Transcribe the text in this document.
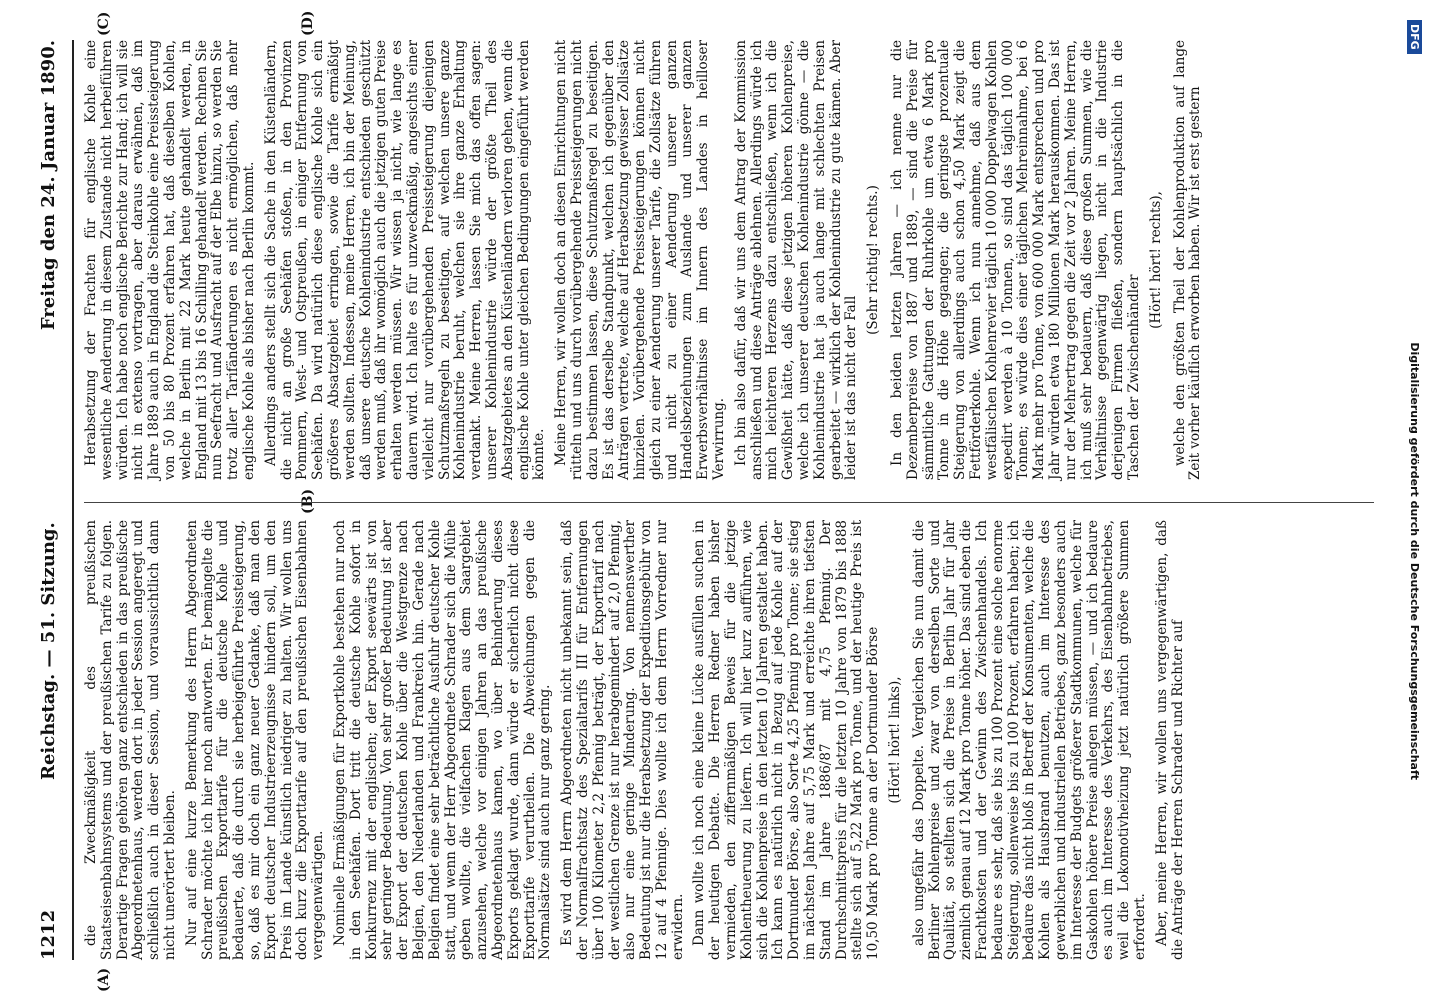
1212
Reichstag. — 51. Sitzung.
Freitag den 24. Januar 1890.
(A)
(B)
(C)	(D)

die Zweckmäßigkeit des preußischen Staatseisenbahnsystems und der preußischen Tarife zu folgen. Derartige Fragen gehören ganz entschieden in das preußische Abgeordnetenhaus, werden dort in jeder Session angeregt und schließlich auch in dieser Session, und voraussichtlich dann nicht unerörtert bleiben. Nur auf eine kurze Bemerkung des Herrn Abgeordneten Schrader möchte ich hier noch antworten. Er bemängelte die preußischen Exporttarife für die deutsche Kohle und bedauerte, daß die durch sie herbeigeführte Preissteigerung, so, daß es mir doch ein ganz neuer Gedanke, daß man den Export deutscher Industrieerzeugnisse hindern soll, um den Preis im Lande künstlich niedriger zu halten. Wir wollen uns doch kurz die Exporttarife auf den preußischen Eisenbahnen vergegenwärtigen. Nominelle Ermäßigungen für Exportkohle bestehen nur noch in den Seehäfen. Dort tritt die deutsche Kohle sofort in Konkurrenz mit der englischen; der Export seewärts ist von sehr geringer Bedeutung. Von sehr großer Bedeutung ist aber der Export der deutschen Kohle über die Westgrenze nach Belgien, den Niederlanden und Frankreich hin. Gerade nach Belgien findet eine sehr beträchtliche Ausfuhr deutscher Kohle statt, und wenn der Herr Abgeordnete Schrader sich die Mühe geben wollte, die vielfachen Klagen aus dem Saargebiet anzusehen, welche vor einigen Jahren an das preußische Abgeordnetenhaus kamen, wo über Behinderung dieses Exports geklagt wurde, dann würde er sicherlich nicht diese Exporttarife verurtheilen. Die Abweichungen gegen die Normalsätze sind auch nur ganz gering. Es wird dem Herrn Abgeordneten nicht unbekannt sein, daß der Normalfrachtsatz des Spezialtarifs III für Entfernungen über 100 Kilometer 2,2 Pfennig beträgt, der Exporttarif nach der westlichen Grenze ist nur herabgemindert auf 2,0 Pfennig, also nur eine geringe Minderung. Von nennenswerther Bedeutung ist nur die Herabsetzung der Expeditionsgebühr von 12 auf 4 Pfennige. Dies wollte ich dem Herrn Vorredner nur erwidern. Dann wollte ich noch eine kleine Lücke ausfüllen suchen in der heutigen Debatte. Die Herren Redner haben bisher vermieden, den ziffernmäßigen Beweis für die jetzige Kohlentheuerung zu liefern. Ich will hier kurz aufführen, wie sich die Kohlenpreise in den letzten 10 Jahren gestaltet haben. Ich kann es natürlich nicht in Bezug auf jede Kohle auf der Dortmunder Börse, also Sorte 4,25 Pfennig pro Tonne; sie stieg im nächsten Jahre auf 5,75 Mark und erreichte ihren tiefsten Stand im Jahre 1886/87 mit 4,75 Pfennig. Der Durchschnittspreis für die letzten 10 Jahre von 1879 bis 1888 stellte sich auf 5,22 Mark pro Tonne, und der heutige Preis ist 10,50 Mark pro Tonne an der Dortmunder Börse (Hört! hört! links), also ungefähr das Doppelte. Vergleichen Sie nun damit die Berliner Kohlenpreise und zwar von derselben Sorte und Qualität, so stellten sich die Preise in Berlin Jahr für Jahr ziemlich genau auf 12 Mark pro Tonne höher. Das sind eben die Frachtkosten und der Gewinn des Zwischenhandels. Ich bedaure es sehr, daß sie bis zu 100 Prozent eine solche enorme Steigerung, sollenweise bis zu 100 Prozent, erfahren haben; ich bedaure das nicht bloß in Betreff der Konsumenten, welche die Kohlen als Hausbrand benutzen, auch im Interesse des gewerblichen und industriellen Betriebes, ganz besonders auch im Interesse der Budgets größerer Stadtkommunen, welche für Gaskohlen höhere Preise anlegen müssen, — und ich bedaure es auch im Interesse des Verkehrs, des Eisenbahnbetriebes, weil die Lokomotivheizung jetzt natürlich größere Summen erfordert. Aber, meine Herren, wir wollen uns vergegenwärtigen, daß die Anträge der Herren Schrader und Richter auf

Herabsetzung der Frachten für englische Kohle eine wesentliche Aenderung in diesem Zustande nicht herbeiführen würden. Ich habe noch englische Berichte zur Hand; ich will sie nicht in extenso vortragen, aber daraus erwähnen, daß im Jahre 1889 auch in England die Steinkohle eine Preissteigerung von 50 bis 80 Prozent erfahren hat, daß dieselben Kohlen, welche in Berlin mit 22 Mark heute gehandelt werden, in England mit 13 bis 16 Schilling gehandelt werden. Rechnen Sie nun Seefracht und Ausfracht auf der Elbe hinzu, so werden Sie trotz aller Tarifänderungen es nicht ermöglichen, daß mehr englische Kohle als bisher nach Berlin kommt. Allerdings anders stellt sich die Sache in den Küstenländern, die nicht an große Seehäfen stoßen, in den Provinzen Pommern, West- und Ostpreußen, in einiger Entfernung von Seehäfen. Da wird natürlich diese englische Kohle sich ein größeres Absatzgebiet erringen, sowie die Tarife ermäßigt werden sollten. Indessen, meine Herren, ich bin der Meinung, daß unsere deutsche Kohlenindustrie entschieden geschützt werden muß, daß ihr womöglich auch die jetzigen guten Preise erhalten werden müssen. Wir wissen ja nicht, wie lange es dauern wird. Ich halte es für unzweckmäßig, angesichts einer vielleicht nur vorübergehenden Preissteigerung diejenigen Schutzmaßregeln zu beseitigen, auf welchen unsere ganze Kohlenindustrie beruht, welchen sie ihre ganze Erhaltung verdankt. Meine Herren, lassen Sie mich das offen sagen: unserer Kohlenindustrie würde der größte Theil des Absatzgebietes an den Küstenländern verloren gehen, wenn die englische Kohle unter gleichen Bedingungen eingeführt werden könnte. Meine Herren, wir wollen doch an diesen Einrichtungen nicht rütteln und uns durch vorübergehende Preissteigerungen nicht dazu bestimmen lassen, diese Schutzmaßregel zu beseitigen. Es ist das derselbe Standpunkt, welchen ich gegenüber den Anträgen vertrete, welche auf Herabsetzung gewisser Zollsätze hinzielen. Vorübergehende Preissteigerungen können nicht gleich zu einer Aenderung unserer Tarife, die Zollsätze führen und nicht zu einer Aenderung unserer ganzen Handelsbeziehungen zum Auslande und unserer ganzen Erwerbsverhältnisse im Innern des Landes in heilloser Verwirrung. Ich bin also dafür, daß wir uns dem Antrag der Kommission anschließen und diese Anträge ablehnen. Allerdings würde ich mich leichteren Herzens dazu entschließen, wenn ich die Gewißheit hätte, daß diese jetzigen höheren Kohlenpreise, welche ich unserer deutschen Kohlenindustrie gönne — die Kohlenindustrie hat ja auch lange mit schlechten Preisen gearbeitet — wirklich der Kohlenindustrie zu gute kämen. Aber leider ist das nicht der Fall

(Sehr richtig! rechts.) In den beiden letzten Jahren — ich nenne nur die Dezemberpreise von 1887 und 1889, — sind die Preise für sämmtliche Gattungen der Ruhrkohle um etwa 6 Mark pro Tonne in die Höhe gegangen; die geringste prozentuale Steigerung von allerdings auch schon 4,50 Mark zeigt die Fettförderkohle. Wenn ich nun annehme, daß aus dem westfälischen Kohlenrevier täglich 10 000 Doppelwagen Kohlen expedirt werden à 10 Tonnen, so sind das täglich 100 000 Tonnen; es würde dies einer täglichen Mehreinnahme, bei 6 Mark mehr pro Tonne, von 600 000 Mark entsprechen und pro Jahr würden etwa 180 Millionen Mark herauskommen. Das ist nur der Mehrertrag gegen die Zeit vor 2 Jahren. Meine Herren, ich muß sehr bedauern, daß diese großen Summen, wie die Verhältnisse gegenwärtig liegen, nicht in die Industrie derjenigen Firmen fließen, sondern hauptsächlich in die Taschen der Zwischenhändler

(Hört! hört! rechts), welche den größten Theil der Kohlenproduktion auf lange Zeit vorher käuflich erworben haben. Wir ist erst gestern

DFG
Digitalisierung gefördert durch die Deutsche Forschungsgemeinschaft
